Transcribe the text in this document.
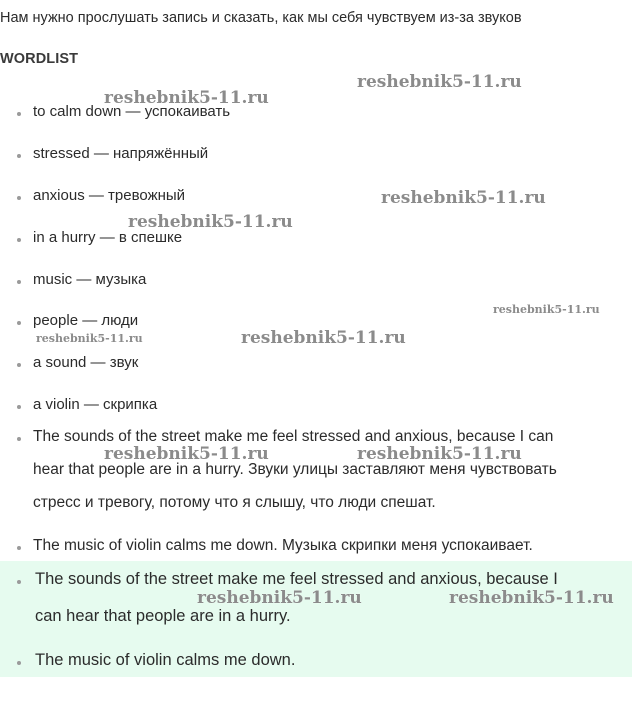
Нам нужно прослушать запись и сказать, как мы себя чувствуем из-за звуков
WORDLIST
to calm down — успокаивать
stressed — напряжённый
anxious — тревожный
in a hurry — в спешке
music — музыка
people — люди
a sound — звук
a violin — скрипка
The sounds of the street make me feel stressed and anxious, because I can
hear that people are in a hurry. Звуки улицы заставляют меня чувствовать
стресс и тревогу, потому что я слышу, что люди спешат.
The music of violin calms me down. Музыка скрипки меня успокаивает.
The sounds of the street make me feel stressed and anxious, because I
can hear that people are in a hurry.
The music of violin calms me down.
reshebnik5-11.ru
reshebnik5-11.ru
reshebnik5-11.ru
reshebnik5-11.ru
reshebnik5-11.ru
reshebnik5-11.ru	reshebnik5-11.ru
reshebnik5-11.ru	reshebnik5-11.ru
reshebnik5-11.ru	reshebnik5-11.ru
